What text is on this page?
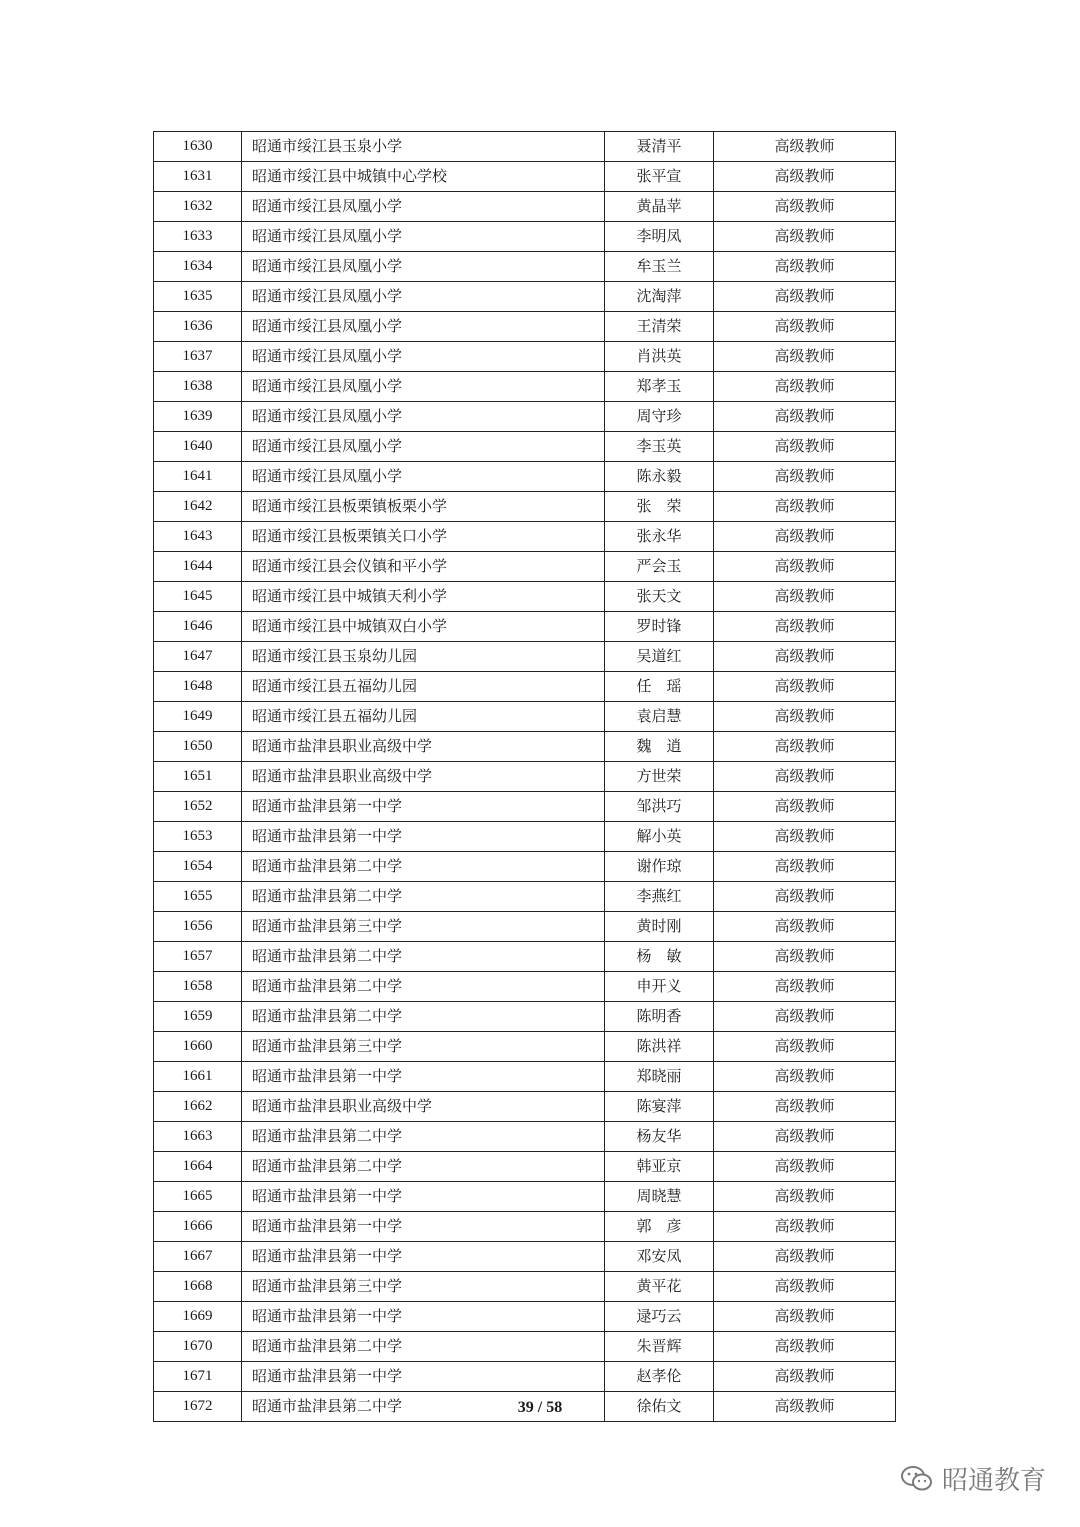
1630	昭通市绥江县玉泉小学	聂清平	高级教师
1631	昭通市绥江县中城镇中心学校	张平宣	高级教师
1632	昭通市绥江县凤凰小学	黄晶苹	高级教师
1633	昭通市绥江县凤凰小学	李明凤	高级教师
1634	昭通市绥江县凤凰小学	牟玉兰	高级教师
1635	昭通市绥江县凤凰小学	沈淘萍	高级教师
1636	昭通市绥江县凤凰小学	王清荣	高级教师
1637	昭通市绥江县凤凰小学	肖洪英	高级教师
1638	昭通市绥江县凤凰小学	郑孝玉	高级教师
1639	昭通市绥江县凤凰小学	周守珍	高级教师
1640	昭通市绥江县凤凰小学	李玉英	高级教师
1641	昭通市绥江县凤凰小学	陈永毅	高级教师
1642	昭通市绥江县板栗镇板栗小学	张　荣	高级教师
1643	昭通市绥江县板栗镇关口小学	张永华	高级教师
1644	昭通市绥江县会仪镇和平小学	严会玉	高级教师
1645	昭通市绥江县中城镇天利小学	张天文	高级教师
1646	昭通市绥江县中城镇双白小学	罗时锋	高级教师
1647	昭通市绥江县玉泉幼儿园	吴道红	高级教师
1648	昭通市绥江县五福幼儿园	任　瑶	高级教师
1649	昭通市绥江县五福幼儿园	袁启慧	高级教师
1650	昭通市盐津县职业高级中学	魏　逍	高级教师
1651	昭通市盐津县职业高级中学	方世荣	高级教师
1652	昭通市盐津县第一中学	邹洪巧	高级教师
1653	昭通市盐津县第一中学	解小英	高级教师
1654	昭通市盐津县第二中学	谢作琼	高级教师
1655	昭通市盐津县第二中学	李燕红	高级教师
1656	昭通市盐津县第三中学	黄时刚	高级教师
1657	昭通市盐津县第二中学	杨　敏	高级教师
1658	昭通市盐津县第二中学	申开义	高级教师
1659	昭通市盐津县第二中学	陈明香	高级教师
1660	昭通市盐津县第三中学	陈洪祥	高级教师
1661	昭通市盐津县第一中学	郑晓丽	高级教师
1662	昭通市盐津县职业高级中学	陈宴萍	高级教师
1663	昭通市盐津县第二中学	杨友华	高级教师
1664	昭通市盐津县第二中学	韩亚京	高级教师
1665	昭通市盐津县第一中学	周晓慧	高级教师
1666	昭通市盐津县第一中学	郭　彦	高级教师
1667	昭通市盐津县第一中学	邓安凤	高级教师
1668	昭通市盐津县第三中学	黄平花	高级教师
1669	昭通市盐津县第一中学	逯巧云	高级教师
1670	昭通市盐津县第二中学	朱晋辉	高级教师
1671	昭通市盐津县第一中学	赵孝伦	高级教师
1672	昭通市盐津县第二中学	徐佑文	高级教师
39 / 58
昭通教育
